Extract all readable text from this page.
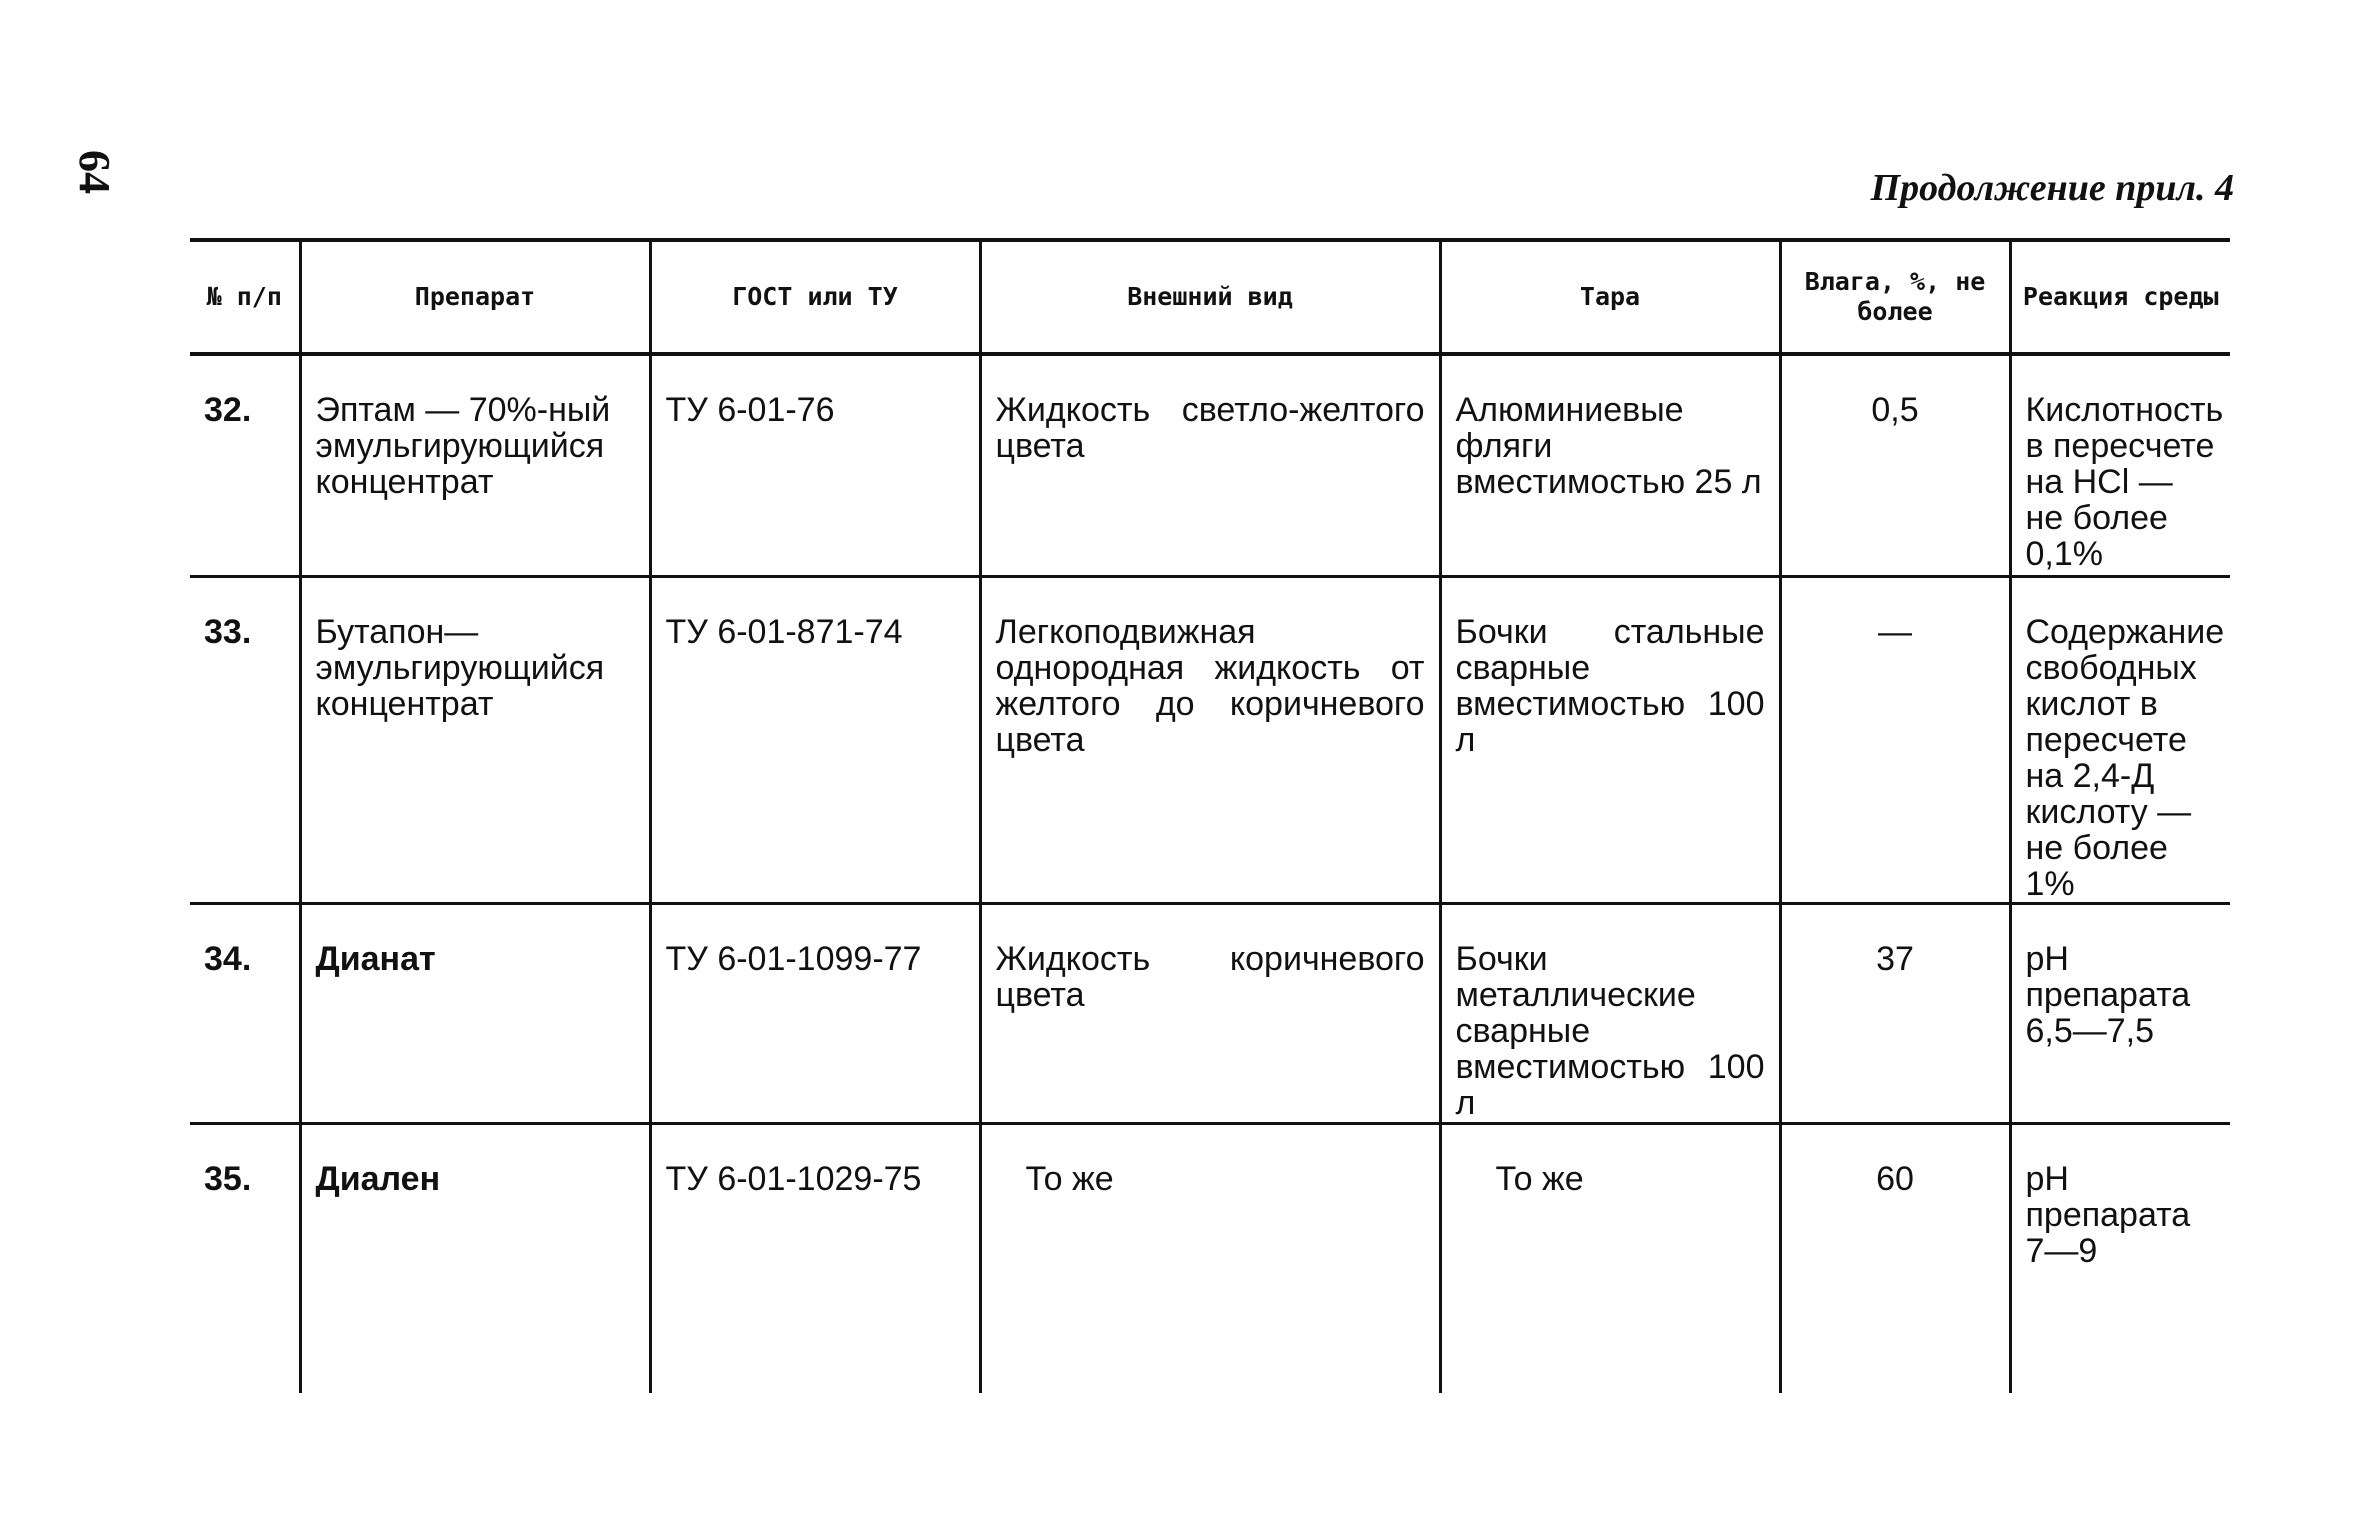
64	Продолжение прил. 4
№ п/п	Препарат	ГОСТ или ТУ	Внешний вид	Тара	Влага, %, не более	Реакция среды
32.	Эптам — 70%-ный эмульгирующийся концентрат	ТУ 6-01-76	Жидкость светло-желтого цвета	Алюминиевые фляги вместимостью 25 л	0,5	Кислотность в пересчете на HCl — не более 0,1%
33.	Бутапон—эмульгирующийся концентрат	ТУ 6-01-871-74	Легкоподвижная однородная жидкость от желтого до коричневого цвета	Бочки стальные сварные вместимостью 100 л	—	Содержание свободных кислот в пересчете на 2,4-Д кислоту — не более 1%
34.	Дианат	ТУ 6-01-1099-77	Жидкость коричневого цвета	Бочки металлические сварные вместимостью 100 л	37	pH препарата 6,5—7,5
35.	Диален	ТУ 6-01-1029-75	То же	То же	60	pH препарата 7—9
